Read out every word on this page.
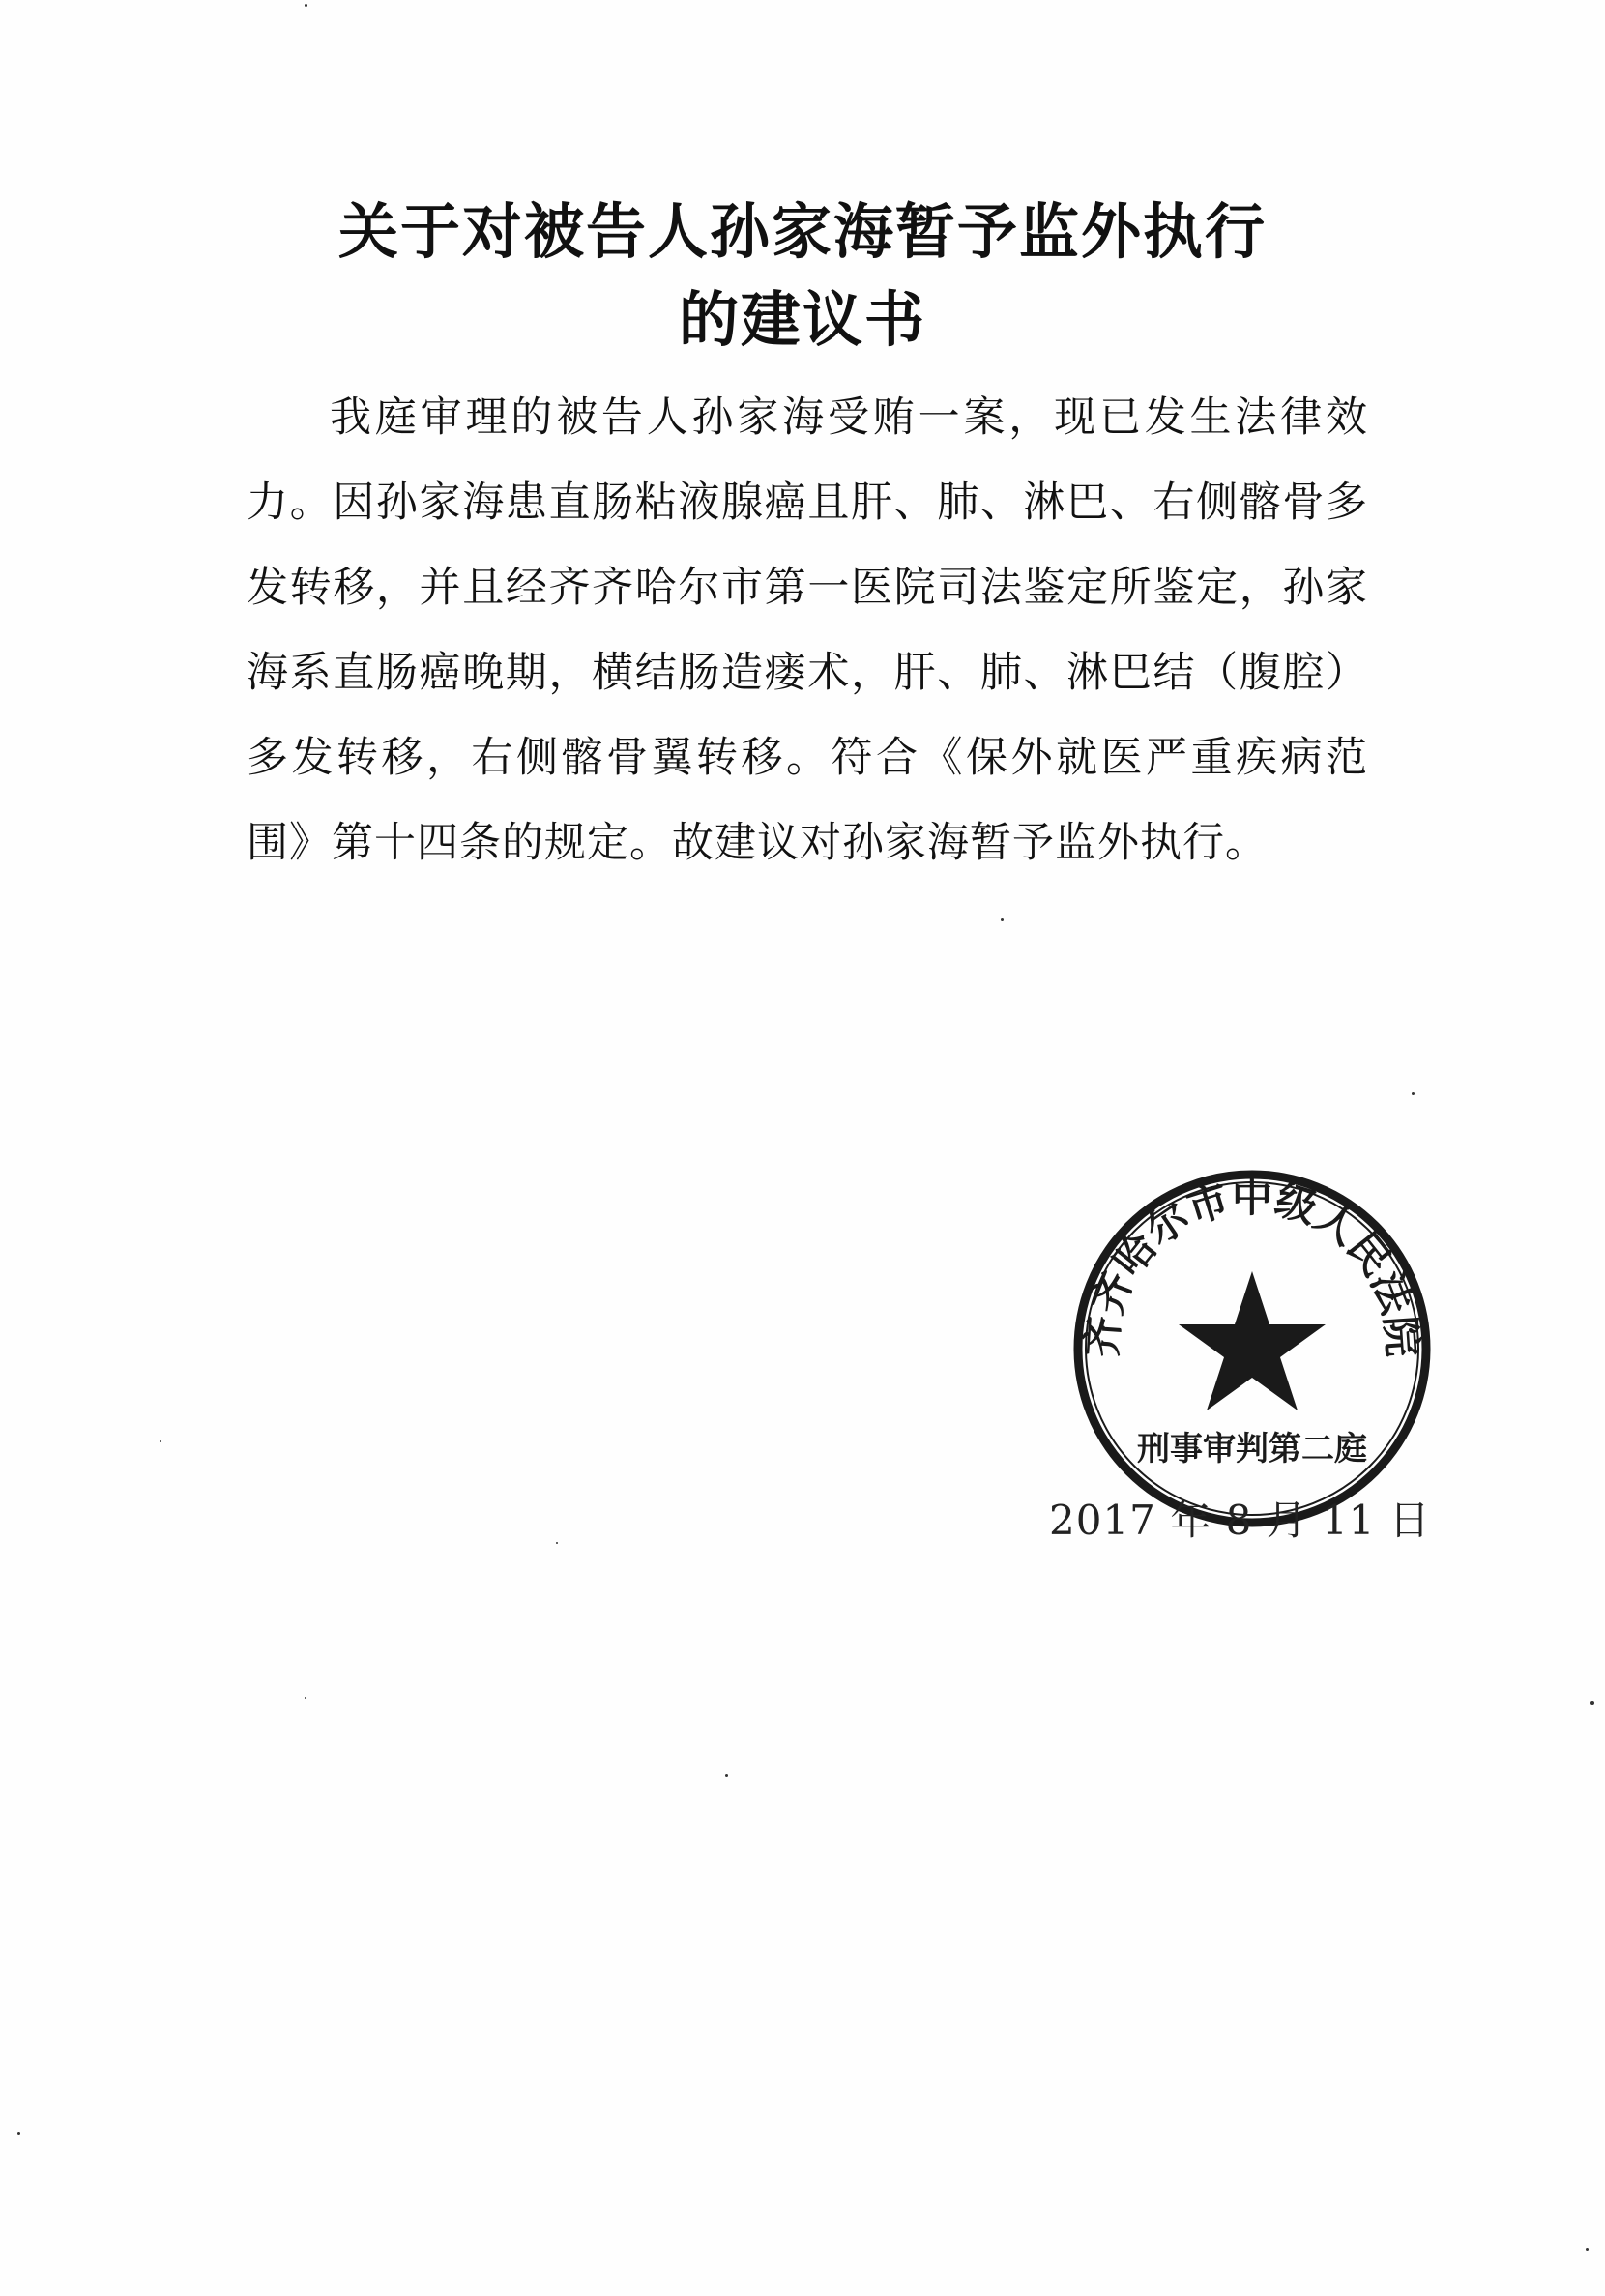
关于对被告人孙家海暂予监外执行
的建议书
我庭审理的被告人孙家海受贿一案，现已发生法律效力。因孙家海患直肠粘液腺癌且肝、肺、淋巴、右侧髂骨多发转移，并且经齐齐哈尔市第一医院司法鉴定所鉴定，孙家海系直肠癌晚期，横结肠造瘘术，肝、肺、淋巴结（腹腔）多发转移，右侧髂骨翼转移。符合《保外就医严重疾病范围》第十四条的规定。故建议对孙家海暂予监外执行。
齐齐哈尔市中级人民法院
刑事审判第二庭
2017 年 8 月 11 日
